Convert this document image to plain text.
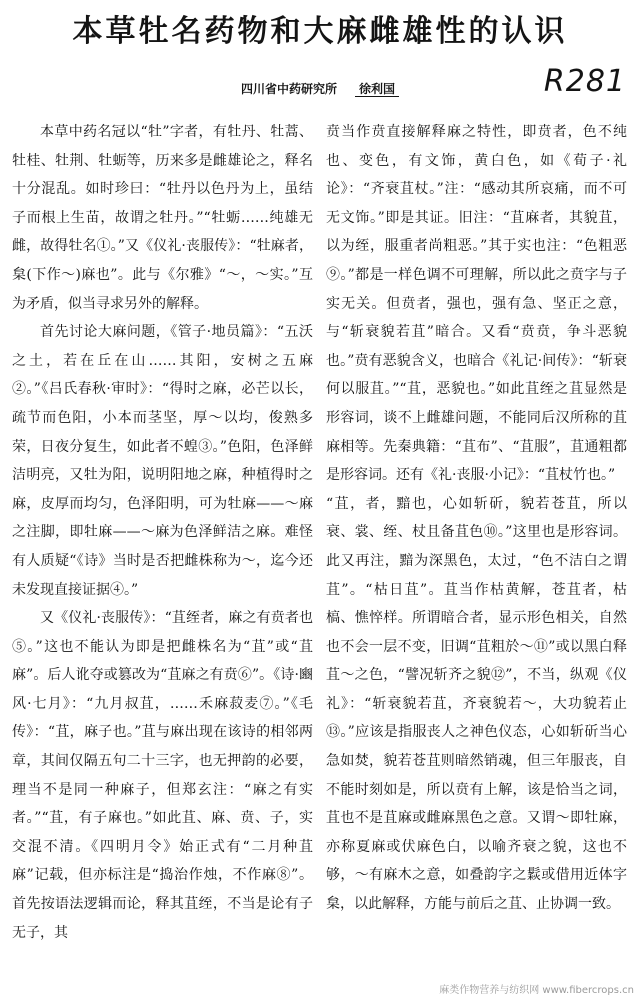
本草牡名药物和大麻雌雄性的认识
四川省中药研究所 徐利国	R281

本草中药名冠以“牡”字者，有牡丹、牡蒿、牡桂、牡荆、牡蛎等，历来多是雌雄论之，释名十分混乱。如时珍曰：“牡丹以色丹为上，虽结子而根上生苗，故谓之牡丹。”“牡蛎……纯雄无雌，故得牡名①。”又《仪礼·丧服传》：“牡麻者，枲(下作～)麻也”。此与《尔雅》“～，～实。”互为矛盾，似当寻求另外的解释。

首先讨论大麻问题，《管子·地员篇》：“五沃之土，若在丘在山……其阳，安树之五麻②。”《吕氏春秋·审时》：“得时之麻，必芒以长，疏节而色阳，小本而茎坚，厚～以均，俊熟多荣，日夜分复生，如此者不蝗③。”色阳，色泽鲜洁明亮，又牡为阳，说明阳地之麻，种植得时之麻，皮厚而均匀，色泽阳明，可为牡麻——～麻之注脚，即牡麻——～麻为色泽鲜洁之麻。难怪有人质疑“《诗》当时是否把雌株称为～，迄今还未发现直接证据④。”

又《仪礼·丧服传》：“苴绖者，麻之有贲者也⑤。”这也不能认为即是把雌株名为“苴”或“苴麻”。后人讹夺或篡改为“苴麻之有贲⑥”。《诗·豳风·七月》：“九月叔苴，……禾麻菽麦⑦。”《毛传》：“苴，麻子也。”苴与麻出现在该诗的相邻两章，其间仅隔五句二十三字，也无押韵的必要，理当不是同一种麻子，但郑玄注：“麻之有实者。”“苴，有子麻也。”如此苴、麻、贲、子，实交混不清。《四明月令》始正式有“二月种苴麻”记载，但亦标注是“捣治作烛，不作麻⑧”。首先按语法逻辑而论，释其苴绖，不当是论有子无子，其

贲当作贲直接解释麻之特性，即贲者，色不纯也、变色，有文饰，黄白色，如《荀子·礼论》：“齐衰苴杖。”注：“感动其所哀痛，而不可无文饰。”即是其证。旧注：“苴麻者，其貌苴，以为绖，服重者尚粗恶。”其于实也注：“色粗恶⑨。”都是一样色调不可理解，所以此之贲字与子实无关。但贲者，强也，强有急、坚正之意，与“斩衰貌若苴”暗合。又看“贲贲，争斗恶貌也。”贲有恶貌含义，也暗合《礼记·间传》：“斩衰何以服苴。”“苴，恶貌也。”如此苴绖之苴显然是形容词，谈不上雌雄问题，不能同后汉所称的苴麻相等。先秦典籍：“苴布”、“苴服”，苴通粗都是形容词。还有《礼·丧服·小记》：“苴杖竹也。”

“苴，者，黯也，心如斩斫，貌若苍苴，所以衰、裳、绖、杖且备苴色⑩。”这里也是形容词。此又再注，黯为深黑色，太过，“色不洁白之谓苴”。“枯日苴”。苴当作枯黄解，苍苴者，枯槁、憔悴样。所谓暗合者，显示形色相关，自然也不会一层不变，旧调“苴粗於～⑪”或以黑白释苴～之色，“譬况斩齐之貌⑫”，不当，纵观《仪礼》：“斩衰貌若苴，齐衰貌若～，大功貌若止⑬。”应该是指服丧人之神色仪态，心如斩斫当心急如焚，貌若苍苴则暗然销魂，但三年服丧，自不能时刻如是，所以贲有上解，该是恰当之词，苴也不是苴麻或雌麻黑色之意。又谓～即牡麻，亦称夏麻或伏麻色白，以喻齐衰之貌，这也不够，～有麻木之意，如叠韵字之鬏或借用近体字枲，以此解释，方能与前后之苴、止协调一致。

麻类作物营养与纺织网 www.fibercrops.cn
